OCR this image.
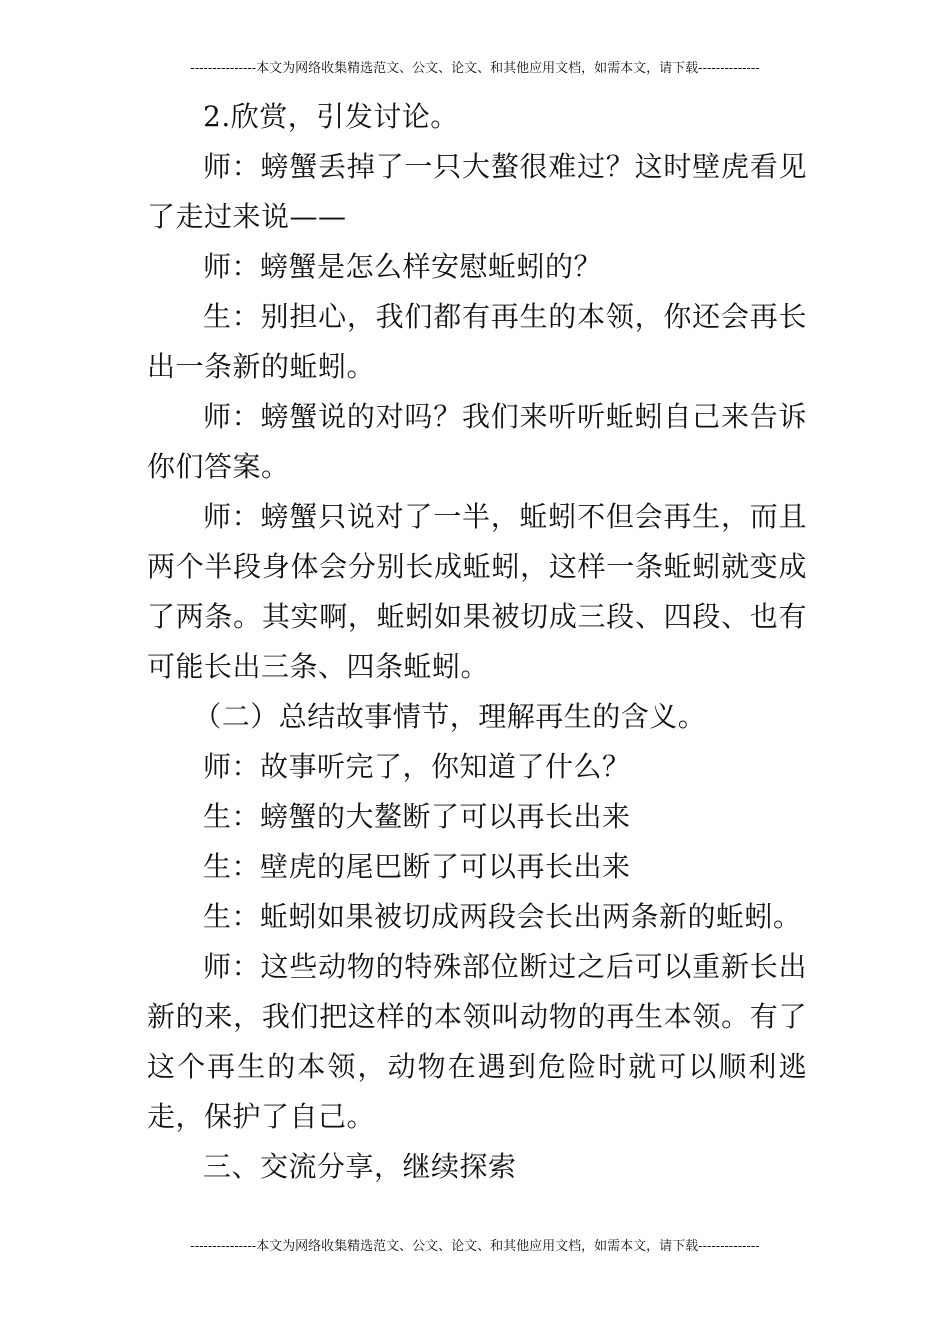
---------------本文为网络收集精选范文、公文、论文、和其他应用文档，如需本文，请下载--------------

2.欣赏，引发讨论。

师：螃蟹丢掉了一只大螯很难过？这时壁虎看见了走过来说——

师：螃蟹是怎么样安慰蚯蚓的？

生：别担心，我们都有再生的本领，你还会再长出一条新的蚯蚓。

师：螃蟹说的对吗？我们来听听蚯蚓自己来告诉你们答案。

师：螃蟹只说对了一半，蚯蚓不但会再生，而且两个半段身体会分别长成蚯蚓，这样一条蚯蚓就变成了两条。其实啊，蚯蚓如果被切成三段、四段、也有可能长出三条、四条蚯蚓。

（二）总结故事情节，理解再生的含义。

师：故事听完了，你知道了什么？

生：螃蟹的大鳌断了可以再长出来

生：壁虎的尾巴断了可以再长出来

生：蚯蚓如果被切成两段会长出两条新的蚯蚓。

师：这些动物的特殊部位断过之后可以重新长出新的来，我们把这样的本领叫动物的再生本领。有了这个再生的本领，动物在遇到危险时就可以顺利逃走，保护了自己。

三、交流分享，继续探索

---------------本文为网络收集精选范文、公文、论文、和其他应用文档，如需本文，请下载--------------
